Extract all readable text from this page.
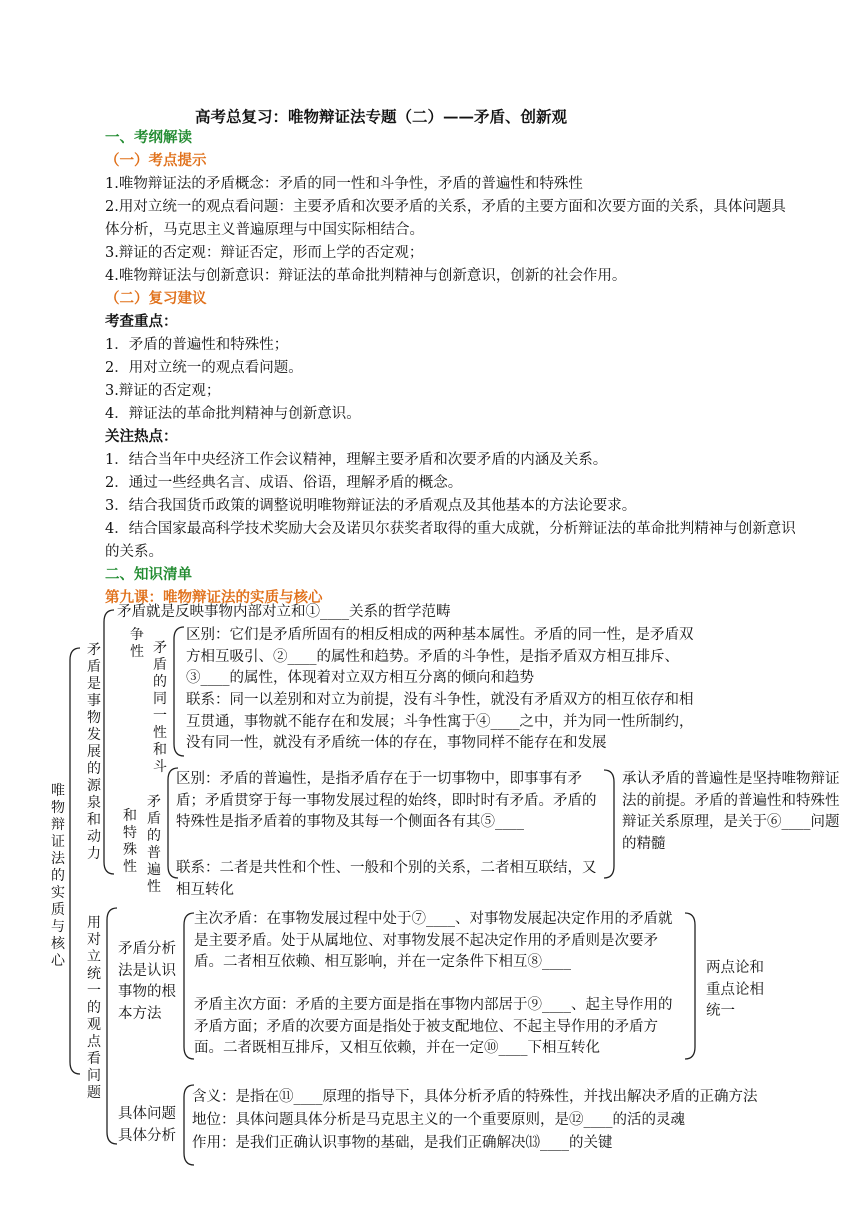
高考总复习：唯物辩证法专题（二）——矛盾、创新观
一、考纲解读
（一）考点提示
1.唯物辩证法的矛盾概念：矛盾的同一性和斗争性，矛盾的普遍性和特殊性
2.用对立统一的观点看问题：主要矛盾和次要矛盾的关系，矛盾的主要方面和次要方面的关系，具体问题具
体分析，马克思主义普遍原理与中国实际相结合。
3.辩证的否定观：辩证否定，形而上学的否定观；
4.唯物辩证法与创新意识：辩证法的革命批判精神与创新意识，创新的社会作用。
（二）复习建议
考查重点：
1．矛盾的普遍性和特殊性；
2．用对立统一的观点看问题。
3.辩证的否定观；
4．辩证法的革命批判精神与创新意识。
关注热点：
1．结合当年中央经济工作会议精神，理解主要矛盾和次要矛盾的内涵及关系。
2．通过一些经典名言、成语、俗语，理解矛盾的概念。
3．结合我国货币政策的调整说明唯物辩证法的矛盾观点及其他基本的方法论要求。
4．结合国家最高科学技术奖励大会及诺贝尔获奖者取得的重大成就，分析辩证法的革命批判精神与创新意识
的关系。
二、知识清单
第九课：唯物辩证法的实质与核心
唯物辩证法的实质与核心
矛盾是事物发展的源泉和动力
用对立统一的观点看问题
矛盾就是反映事物内部对立和①____关系的哲学范畴
矛盾的同一性和斗
争性
区别：它们是矛盾所固有的相反相成的两种基本属性。矛盾的同一性，是矛盾双方相互吸引、②____的属性和趋势。矛盾的斗争性，是指矛盾双方相互排斥、③____的属性，体现着对立双方相互分离的倾向和趋势
联系：同一以差别和对立为前提，没有斗争性，就没有矛盾双方的相互依存和相互贯通，事物就不能存在和发展；斗争性寓于④____之中，并为同一性所制约，没有同一性，就没有矛盾统一体的存在，事物同样不能存在和发展
矛盾的普遍性
和特殊性
区别：矛盾的普遍性，是指矛盾存在于一切事物中，即事事有矛盾；矛盾贯穿于每一事物发展过程的始终，即时时有矛盾。矛盾的特殊性是指矛盾着的事物及其每一个侧面各有其⑤____
联系：二者是共性和个性、一般和个别的关系，二者相互联结，又相互转化
承认矛盾的普遍性是坚持唯物辩证法的前提。矛盾的普遍性和特殊性辩证关系原理，是关于⑥____问题的精髓
矛盾分析法是认识事物的根本方法
主次矛盾：在事物发展过程中处于⑦____、对事物发展起决定作用的矛盾就是主要矛盾。处于从属地位、对事物发展不起决定作用的矛盾则是次要矛盾。二者相互依赖、相互影响，并在一定条件下相互⑧____
矛盾主次方面：矛盾的主要方面是指在事物内部居于⑨____、起主导作用的矛盾方面；矛盾的次要方面是指处于被支配地位、不起主导作用的矛盾方面。二者既相互排斥，又相互依赖，并在一定⑩____下相互转化
两点论和重点论相统一
具体问题具体分析
含义：是指在⑪____原理的指导下，具体分析矛盾的特殊性，并找出解决矛盾的正确方法
地位：具体问题具体分析是马克思主义的一个重要原则，是⑫____的活的灵魂
作用：是我们正确认识事物的基础，是我们正确解决⒀____的关键
